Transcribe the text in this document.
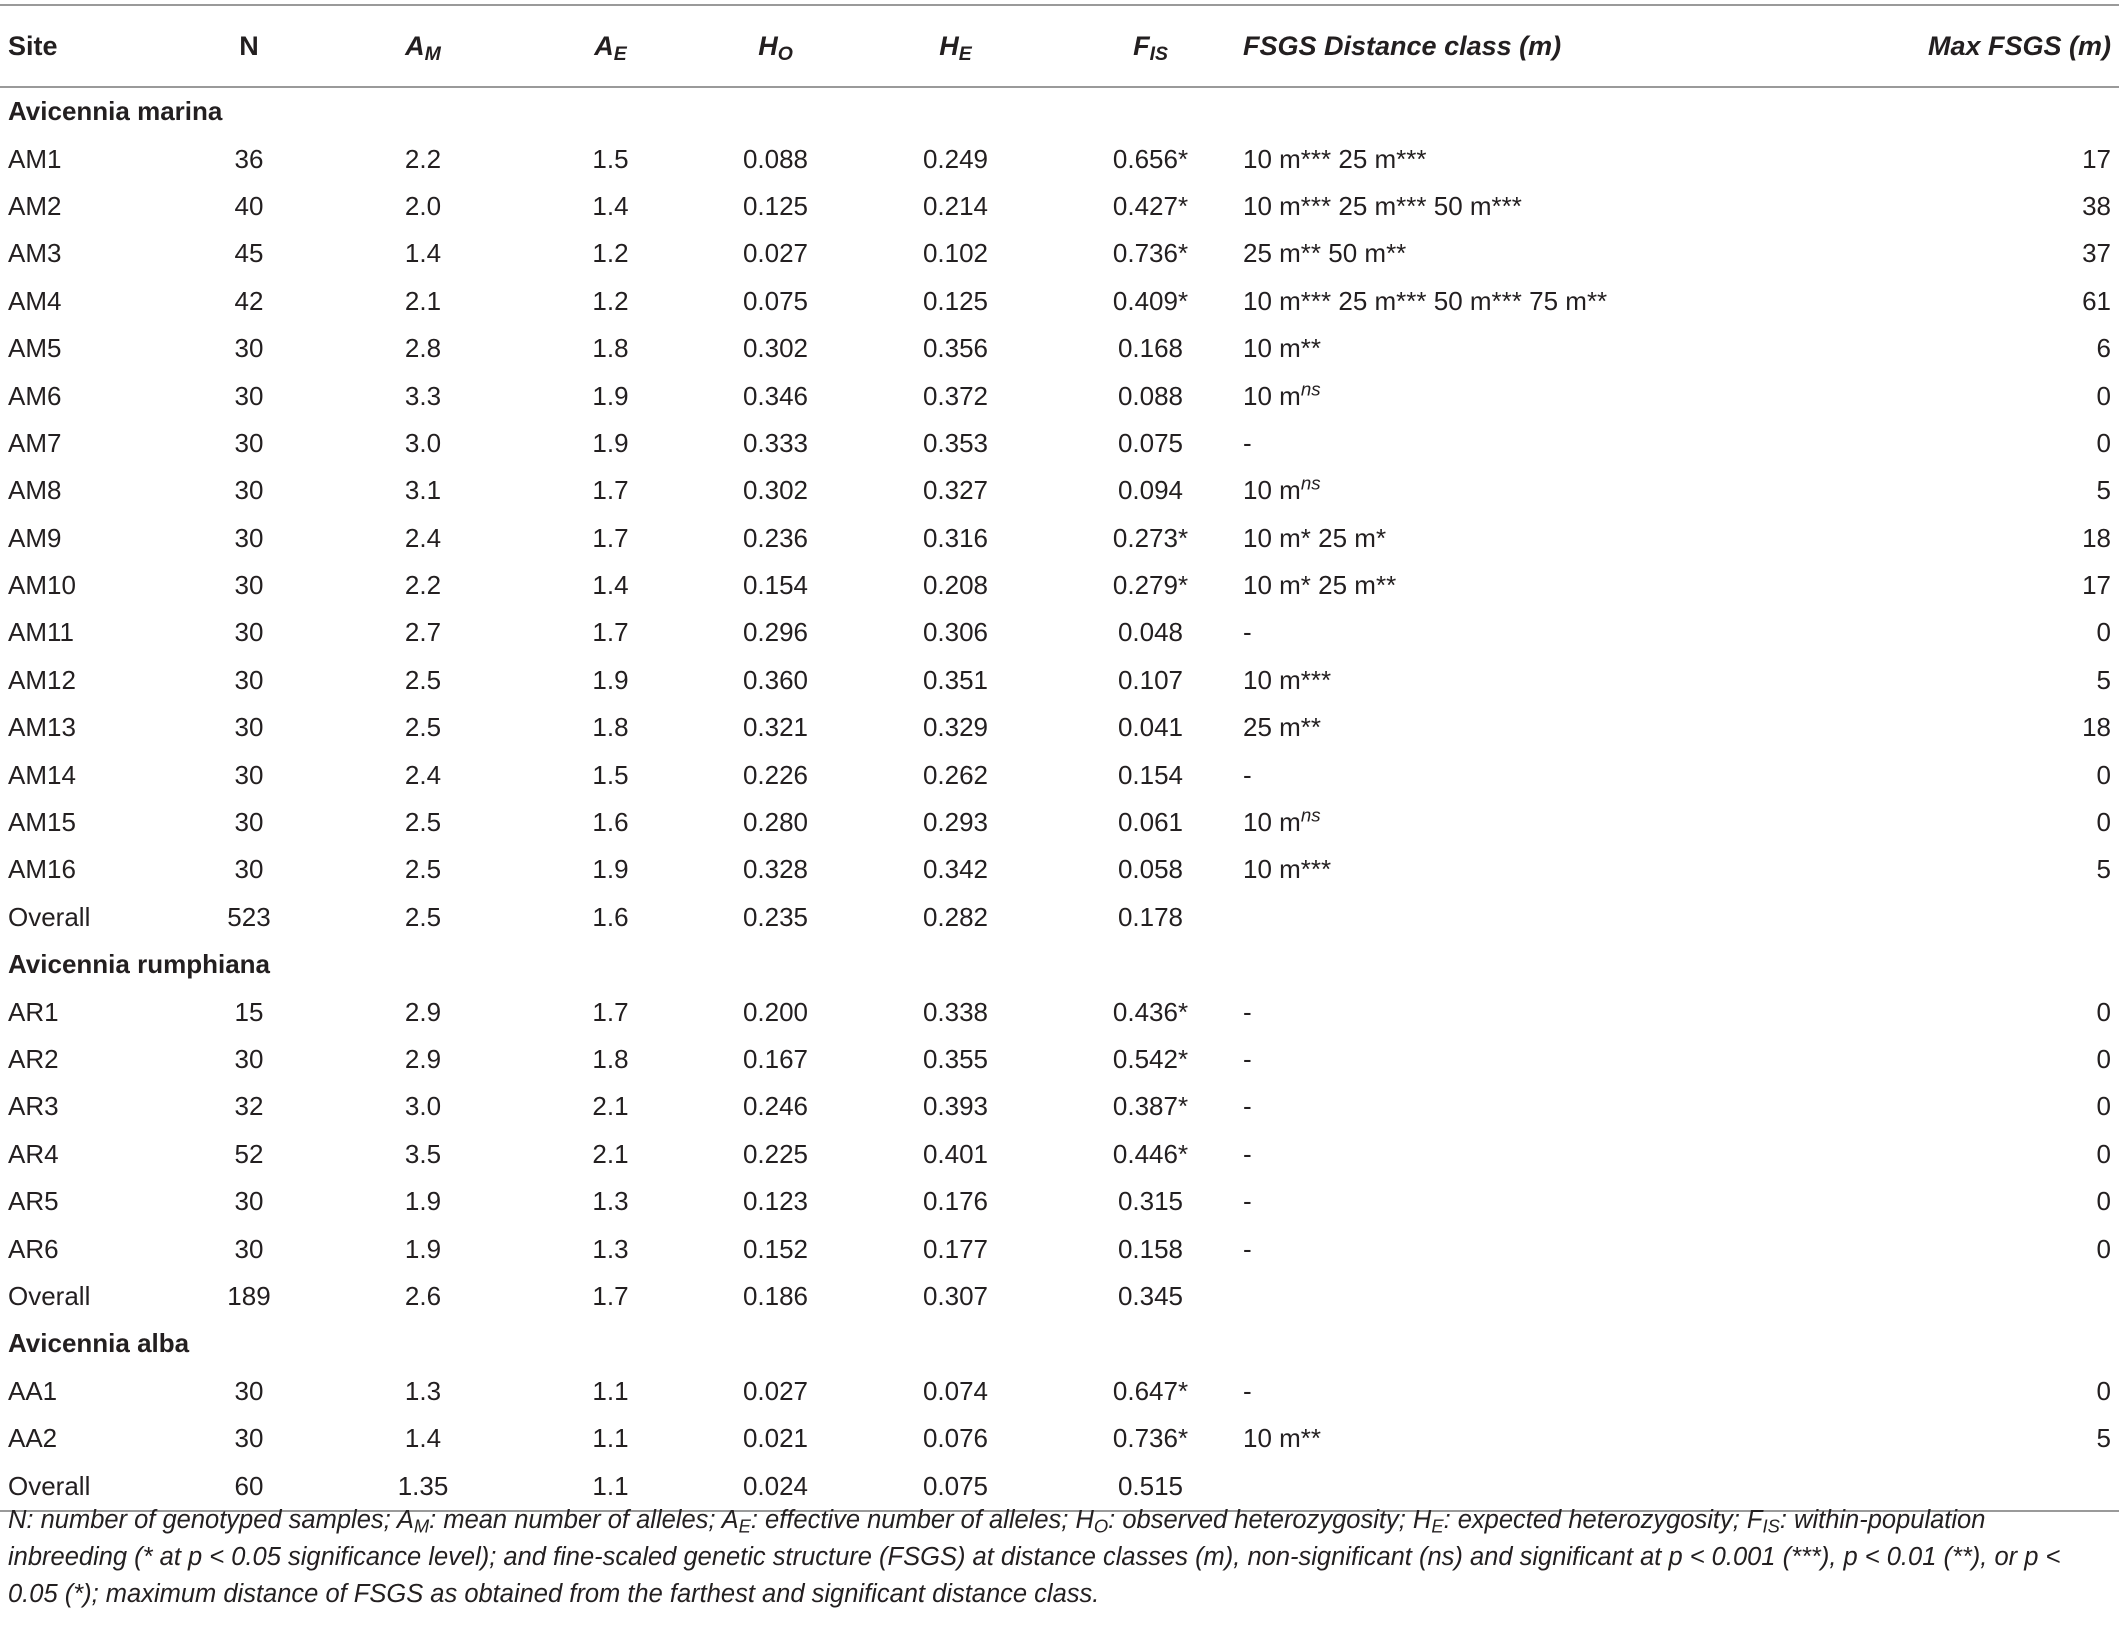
Site	N	$A_M$	$A_E$	$H_O$	$H_E$	$F_{IS}$	FSGS Distance class (m)	Max FSGS (m)
Avicennia marina								
AM1	36	2.2	1.5	0.088	0.249	0.656*	10 m*** 25 m***	17
AM2	40	2.0	1.4	0.125	0.214	0.427*	10 m*** 25 m*** 50 m***	38
AM3	45	1.4	1.2	0.027	0.102	0.736*	25 m** 50 m**	37
AM4	42	2.1	1.2	0.075	0.125	0.409*	10 m*** 25 m*** 50 m*** 75 m**	61
AM5	30	2.8	1.8	0.302	0.356	0.168	10 m**	6
AM6	30	3.3	1.9	0.346	0.372	0.088	10 $m^{ns}$	0
AM7	30	3.0	1.9	0.333	0.353	0.075	-	0
AM8	30	3.1	1.7	0.302	0.327	0.094	10 $m^{ns}$	5
AM9	30	2.4	1.7	0.236	0.316	0.273*	10 m* 25 m*	18
AM10	30	2.2	1.4	0.154	0.208	0.279*	10 m* 25 m**	17
AM11	30	2.7	1.7	0.296	0.306	0.048	-	0
AM12	30	2.5	1.9	0.360	0.351	0.107	10 m***	5
AM13	30	2.5	1.8	0.321	0.329	0.041	25 m**	18
AM14	30	2.4	1.5	0.226	0.262	0.154	-	0
AM15	30	2.5	1.6	0.280	0.293	0.061	10 $m^{ns}$	0
AM16	30	2.5	1.9	0.328	0.342	0.058	10 m***	5
Overall	523	2.5	1.6	0.235	0.282	0.178		
Avicennia rumphiana								
AR1	15	2.9	1.7	0.200	0.338	0.436*	-	0
AR2	30	2.9	1.8	0.167	0.355	0.542*	-	0
AR3	32	3.0	2.1	0.246	0.393	0.387*	-	0
AR4	52	3.5	2.1	0.225	0.401	0.446*	-	0
AR5	30	1.9	1.3	0.123	0.176	0.315	-	0
AR6	30	1.9	1.3	0.152	0.177	0.158	-	0
Overall	189	2.6	1.7	0.186	0.307	0.345		
Avicennia alba								
AA1	30	1.3	1.1	0.027	0.074	0.647*	-	0
AA2	30	1.4	1.1	0.021	0.076	0.736*	10 m**	5
Overall	60	1.35	1.1	0.024	0.075	0.515		
N: number of genotyped samples; $A_M$: mean number of alleles; $A_E$: effective number of alleles; $H_O$: observed heterozygosity; $H_E$: expected heterozygosity; $F_{IS}$: within-population inbreeding (* at p < 0.05 significance level); and fine-scaled genetic structure (FSGS) at distance classes (m), non-significant (ns) and significant at p < 0.001 (***), p < 0.01 (**), or p < 0.05 (*); maximum distance of FSGS as obtained from the farthest and significant distance class.
